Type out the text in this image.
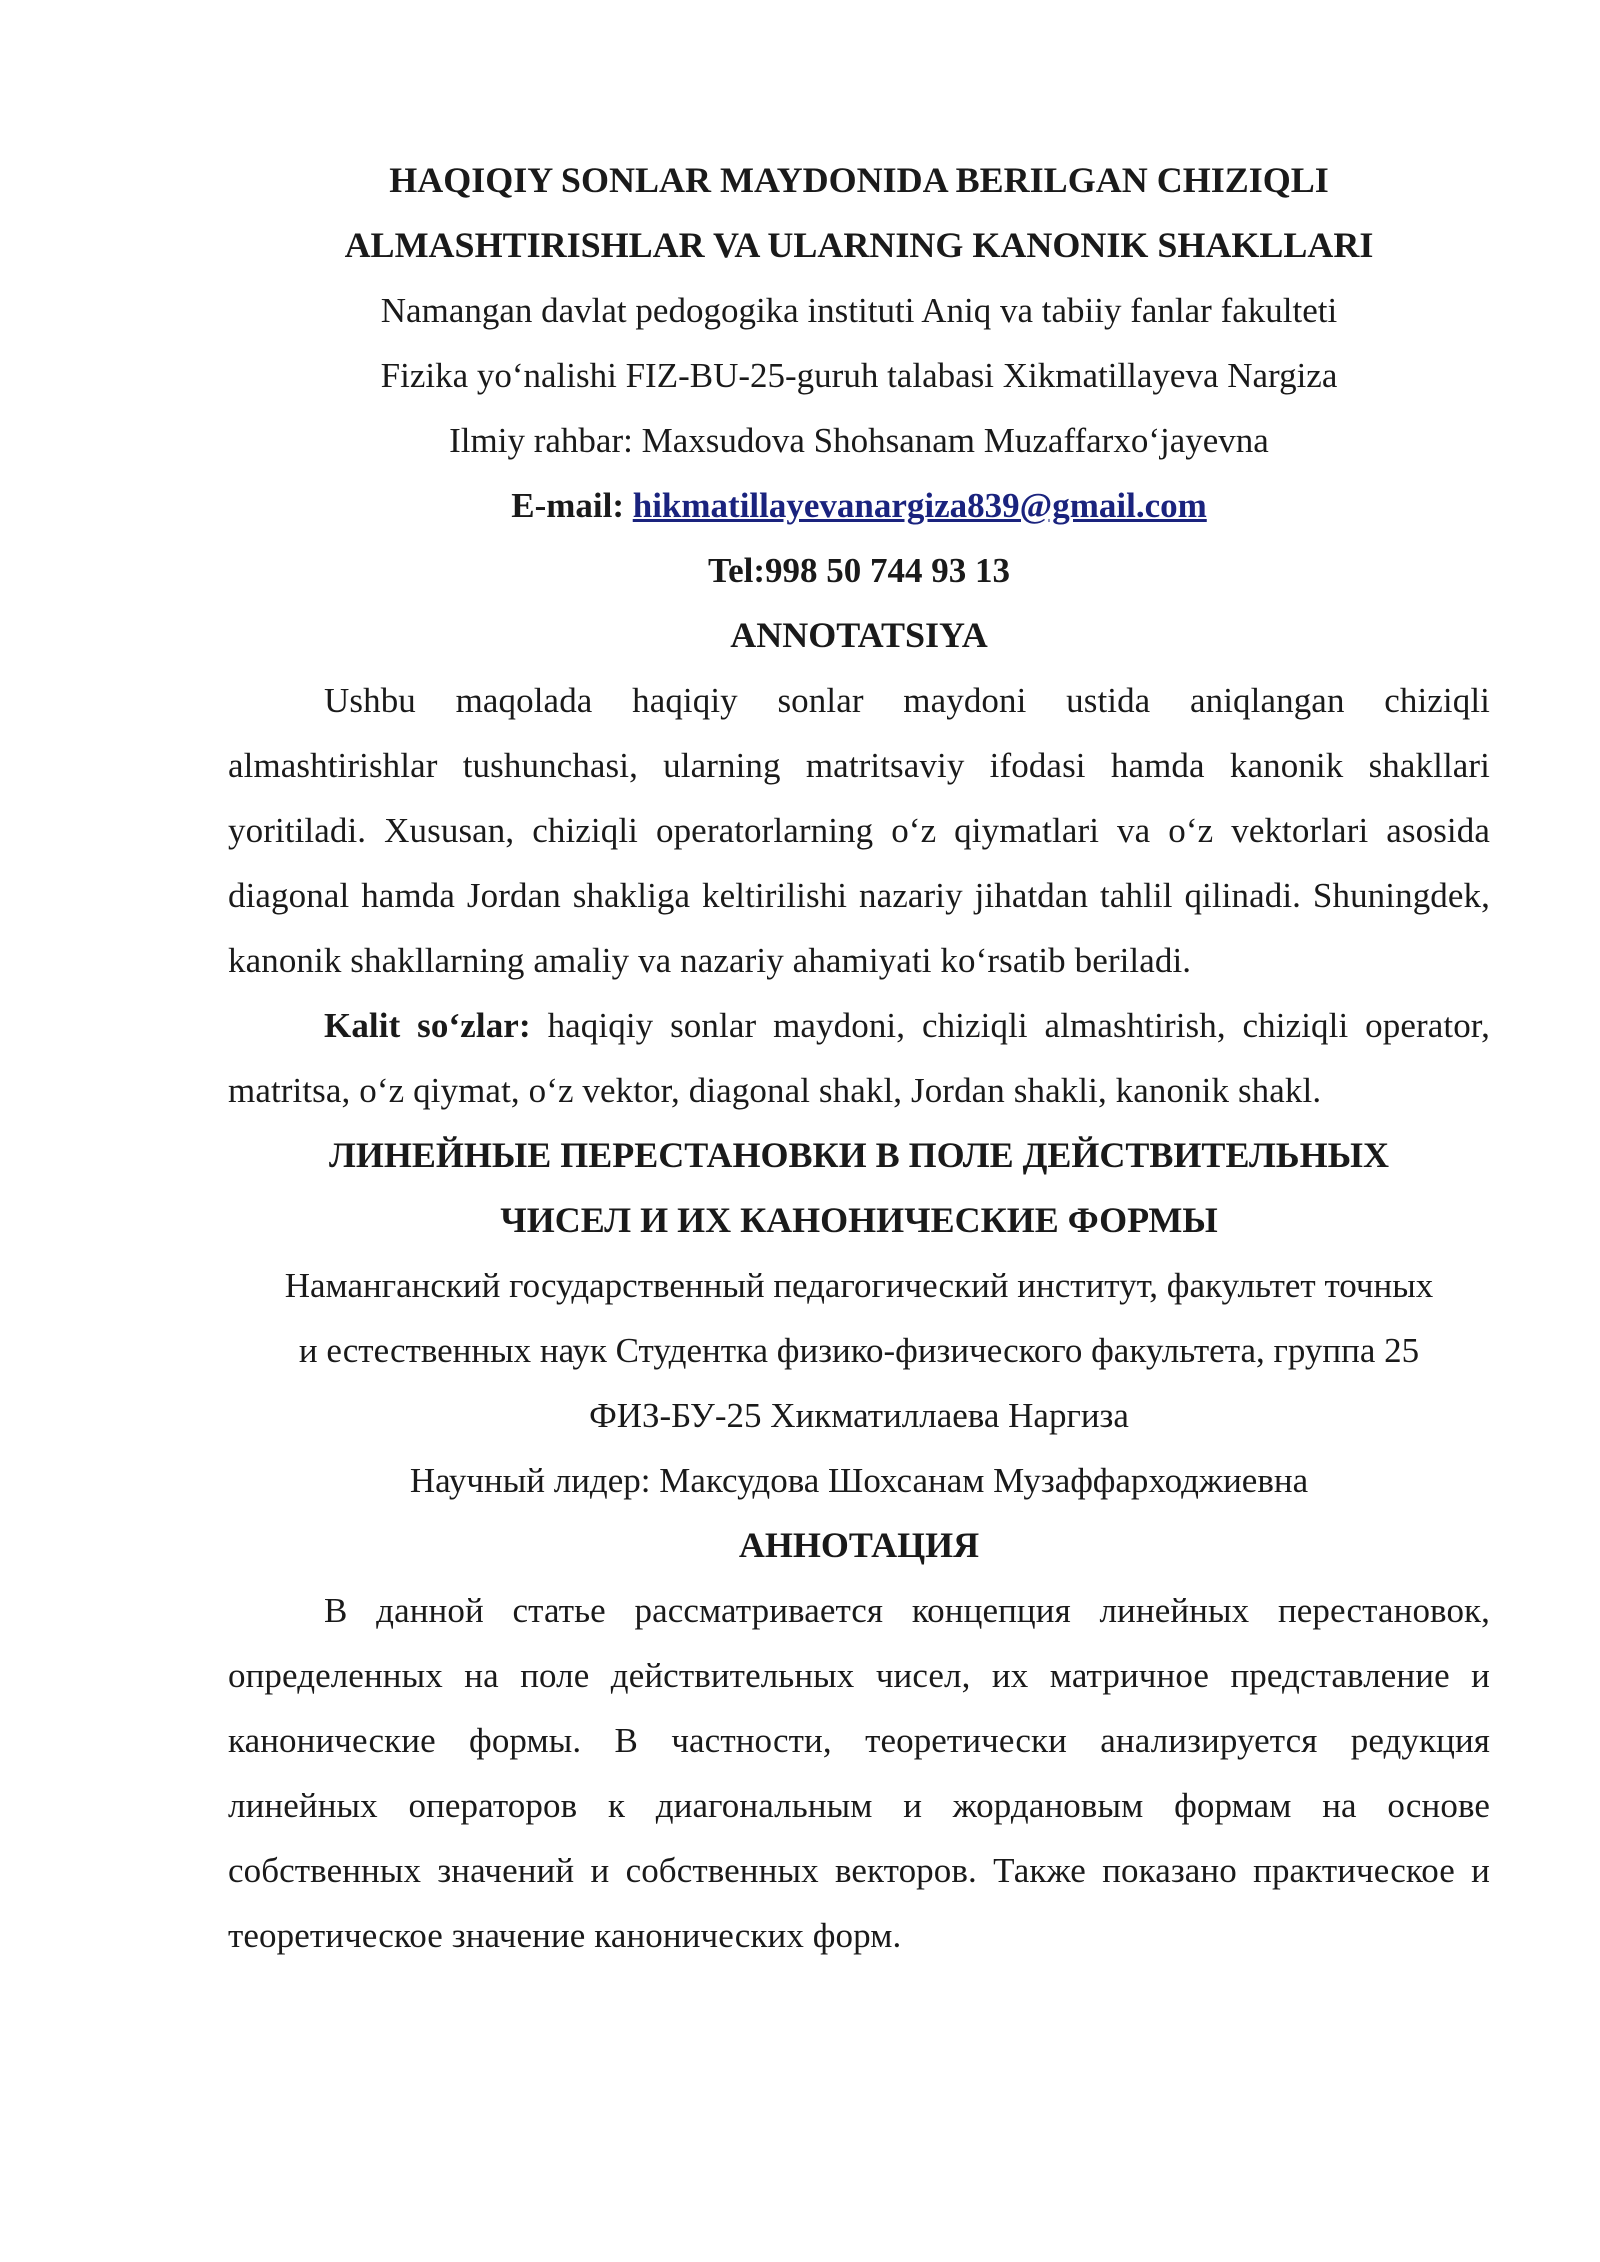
HAQIQIY SONLAR MAYDONIDA BERILGAN CHIZIQLI

ALMASHTIRISHLAR VA ULARNING KANONIK SHAKLLARI

Namangan davlat pedogogika instituti Aniq va tabiiy fanlar fakulteti

Fizika yo‘nalishi FIZ-BU-25-guruh talabasi Xikmatillayeva Nargiza

Ilmiy rahbar: Maxsudova Shohsanam Muzaffarxo‘jayevna

E-mail: hikmatillayevanargiza839@gmail.com

Tel:998 50 744 93 13

ANNOTATSIYA

Ushbu maqolada haqiqiy sonlar maydoni ustida aniqlangan chiziqli almashtirishlar tushunchasi, ularning matritsaviy ifodasi hamda kanonik shakllari yoritiladi. Xususan, chiziqli operatorlarning o‘z qiymatlari va o‘z vektorlari asosida diagonal hamda Jordan shakliga keltirilishi nazariy jihatdan tahlil qilinadi. Shuningdek, kanonik shakllarning amaliy va nazariy ahamiyati ko‘rsatib beriladi.

Kalit so‘zlar: haqiqiy sonlar maydoni, chiziqli almashtirish, chiziqli operator, matritsa, o‘z qiymat, o‘z vektor, diagonal shakl, Jordan shakli, kanonik shakl.

ЛИНЕЙНЫЕ ПЕРЕСТАНОВКИ В ПОЛЕ ДЕЙСТВИТЕЛЬНЫХ

ЧИСЕЛ И ИХ КАНОНИЧЕСКИЕ ФОРМЫ

Наманганский государственный педагогический институт, факультет точных

и естественных наук Студентка физико-физического факультета, группа 25

ФИЗ-БУ-25 Хикматиллаева Наргиза

Научный лидер: Максудова Шохсанам Музаффарходжиевна

АННОТАЦИЯ

В данной статье рассматривается концепция линейных перестановок, определенных на поле действительных чисел, их матричное представление и канонические формы. В частности, теоретически анализируется редукция линейных операторов к диагональным и жордановым формам на основе собственных значений и собственных векторов. Также показано практическое и теоретическое значение канонических форм.
